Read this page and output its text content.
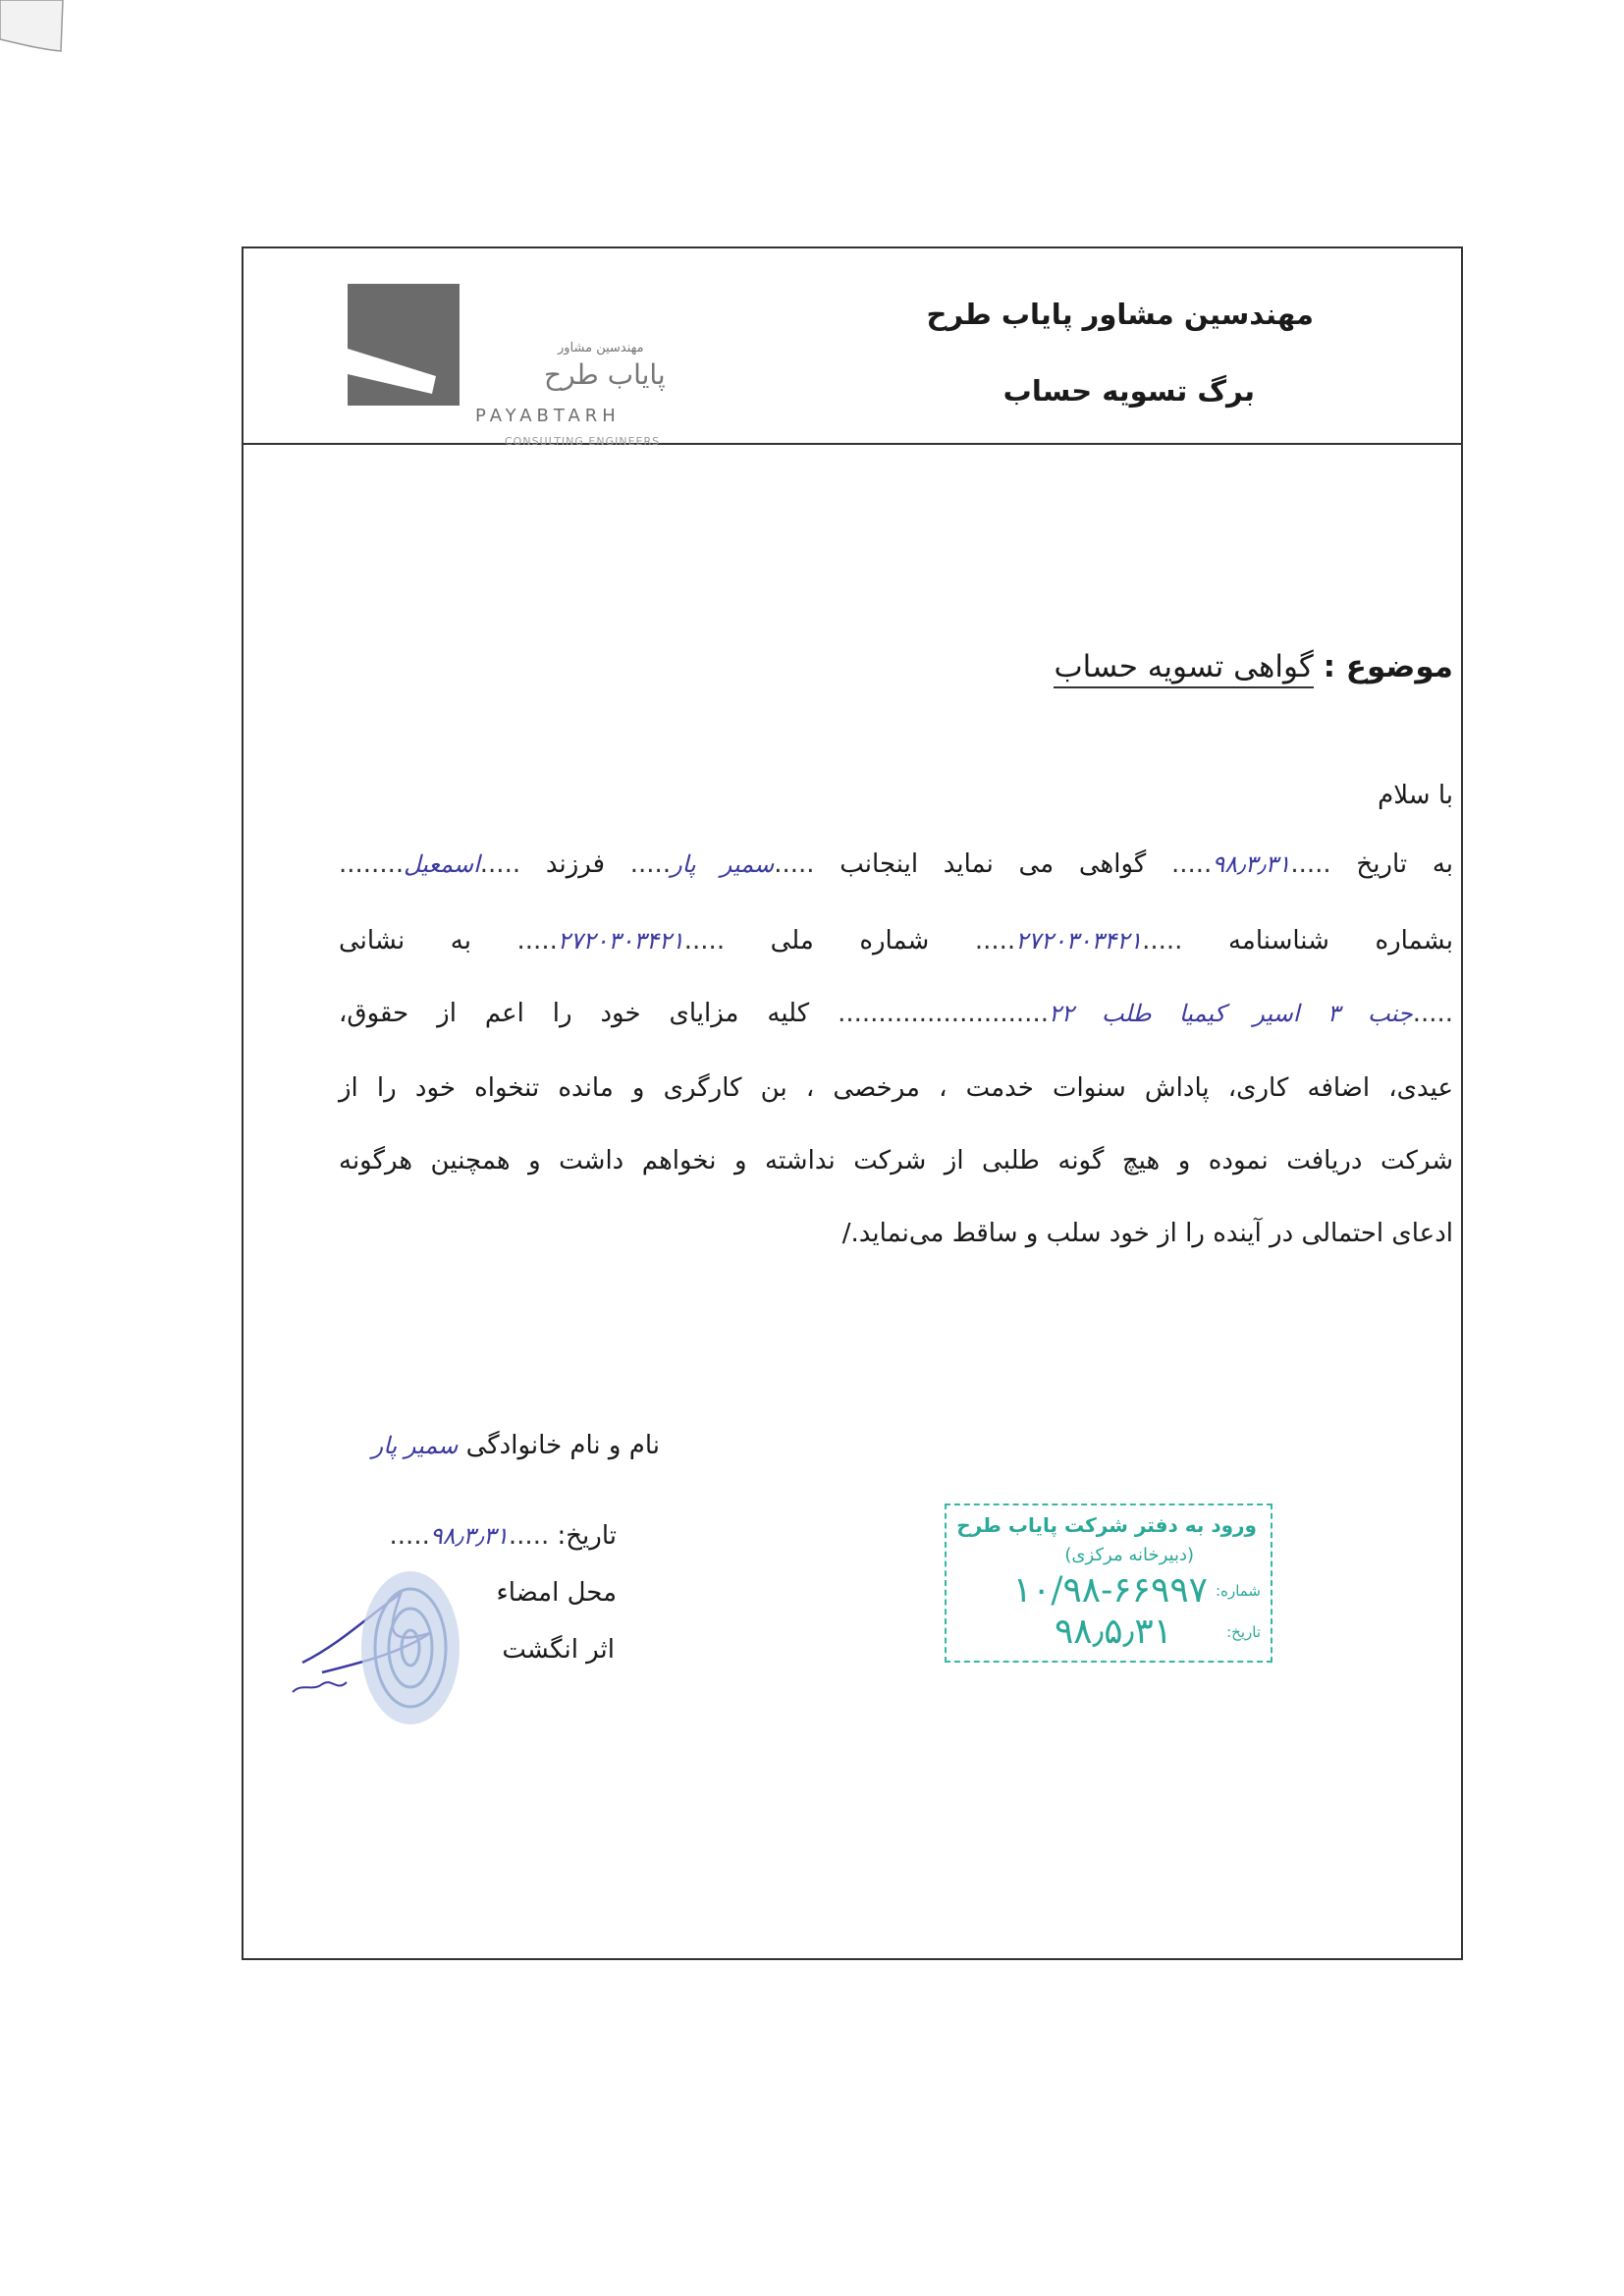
مهندسین مشاور پایاب طرح
برگ تسویه حساب
مهندسین مشاور
پایاب طرح
PAYABTARH
CONSULTING ENGINEERS
موضوع : گواهی تسویه حساب
با سلام
به تاریخ .....۹۸٫۳٫۳۱..... گواهی می نماید اینجانب .....سمیر پار..... فرزند .....اسمعیل........
بشماره شناسنامه .....۲۷۲۰۳۰۳۴۲۱..... شماره ملی .....۲۷۲۰۳۰۳۴۲۱..... به نشانی
.....جنب ۳ اسیر کیمیا طلب ۲۲.......................... کلیه مزایای خود را اعم از حقوق،
عیدی، اضافه کاری، پاداش سنوات خدمت ، مرخصی ، بن کارگری و مانده تنخواه خود را از
شرکت دریافت نموده و هیچ گونه طلبی از شرکت نداشته و نخواهم داشت و همچنین هرگونه
ادعای احتمالی در آینده را از خود سلب و ساقط می‌نماید./
نام و نام خانوادگی سمیر پار
تاریخ: .....۹۸٫۳٫۳۱.....
محل امضاء
اثر انگشت
ورود به دفتر شرکت پایاب طرح
(دبیرخانه مرکزی)
شماره:
۱۰/۹۸-۶۶۹۹۷
تاریخ:
۹۸٫۵٫۳۱
